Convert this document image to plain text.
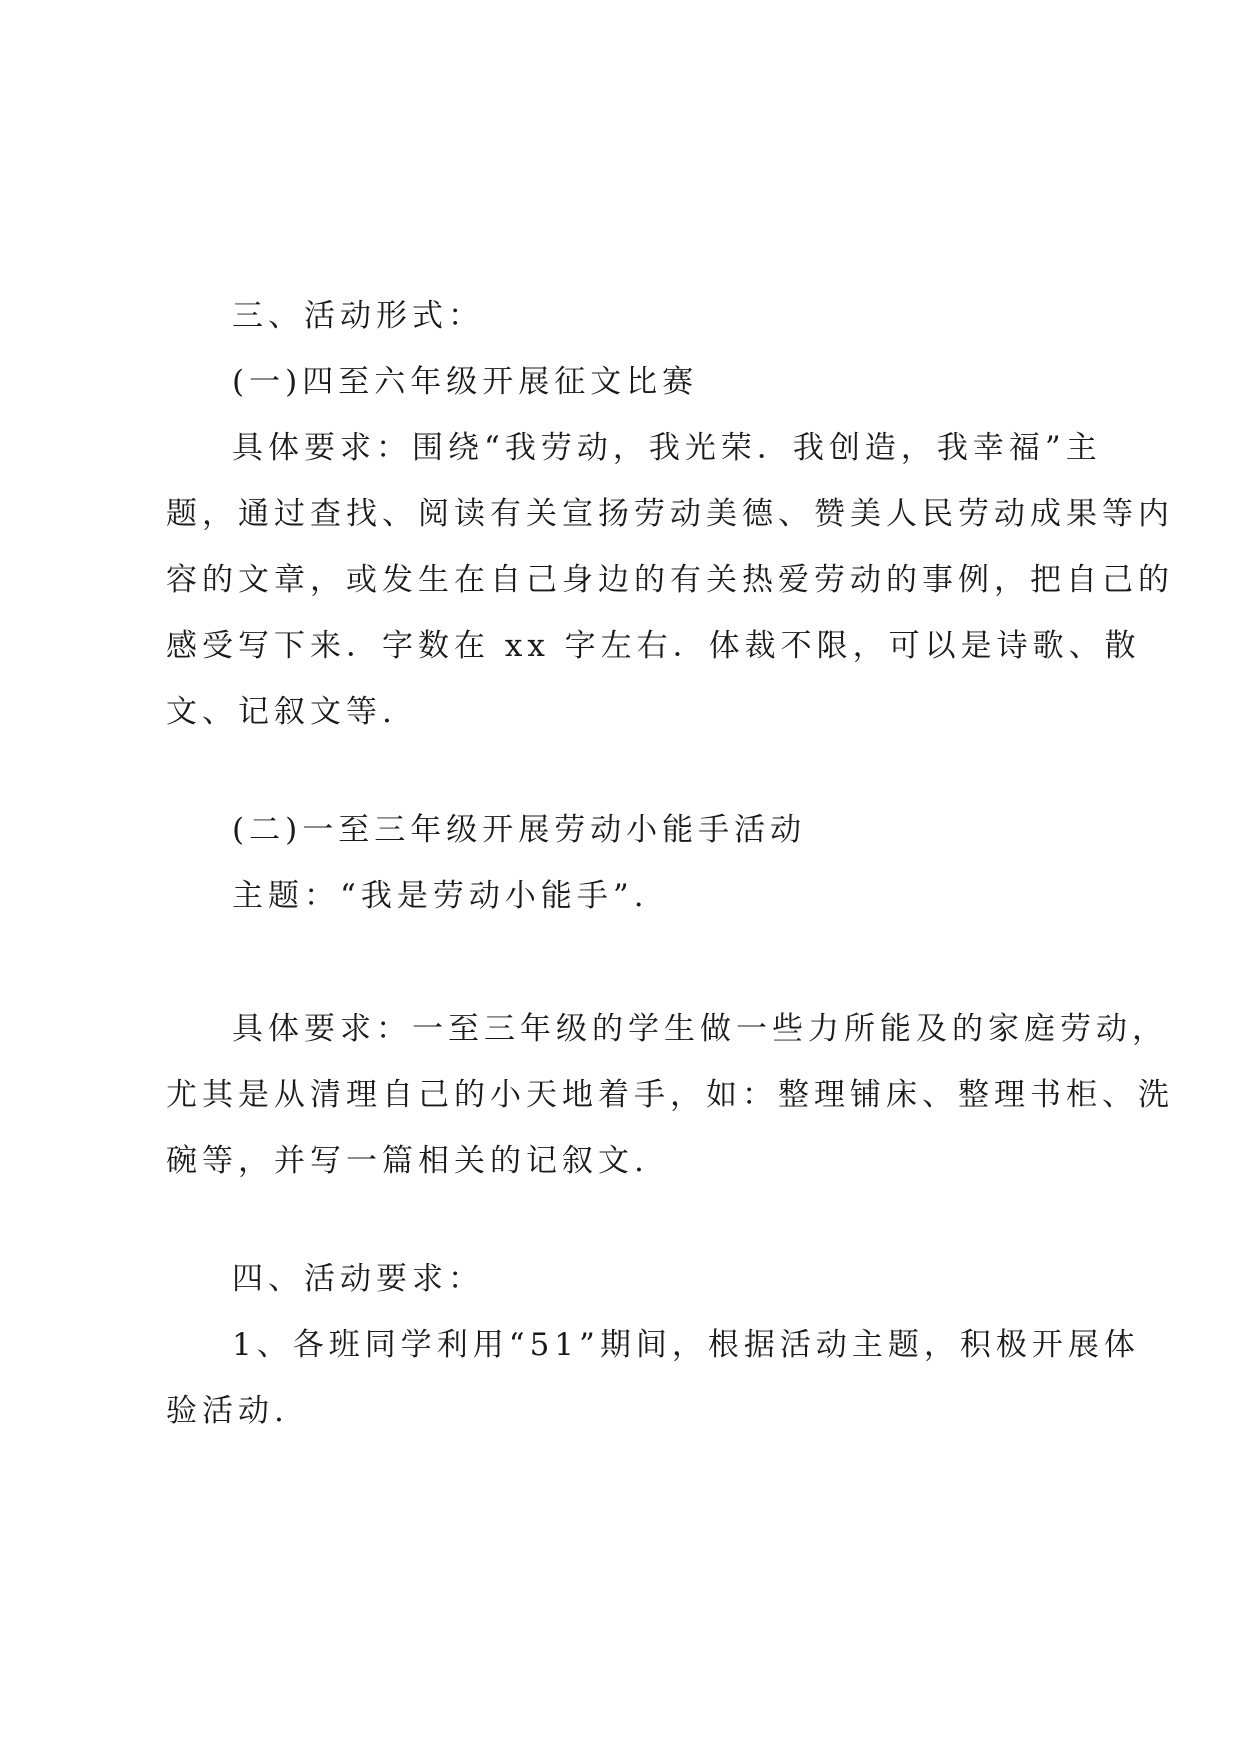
三、活动形式：
(一)四至六年级开展征文比赛
具体要求：围绕“我劳动，我光荣．我创造，我幸福”主
题，通过查找、阅读有关宣扬劳动美德、赞美人民劳动成果等内
容的文章，或发生在自己身边的有关热爱劳动的事例，把自己的
感受写下来．字数在 xx 字左右．体裁不限，可以是诗歌、散
文、记叙文等.
(二)一至三年级开展劳动小能手活动
主题：“我是劳动小能手”.
具体要求：一至三年级的学生做一些力所能及的家庭劳动，
尤其是从清理自己的小天地着手，如：整理铺床、整理书柜、洗
碗等，并写一篇相关的记叙文.
四、活动要求：
1、各班同学利用“51”期间，根据活动主题，积极开展体
验活动.
